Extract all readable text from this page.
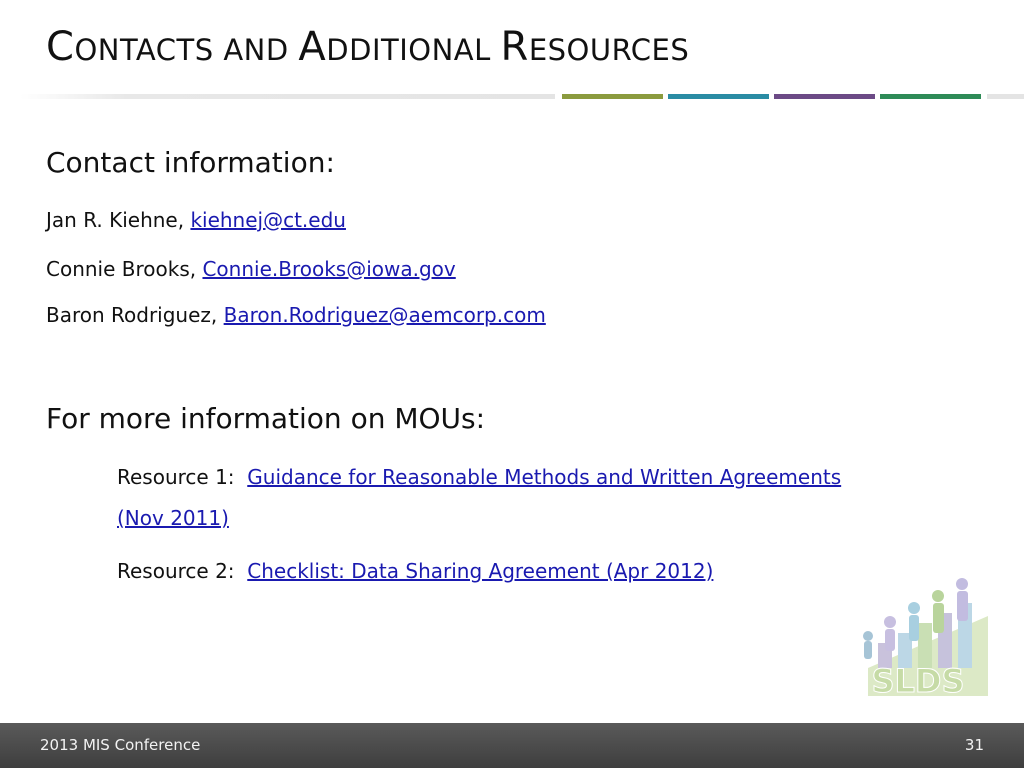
CONTACTS AND ADDITIONAL RESOURCES
Contact information:
Jan R. Kiehne, kiehnej@ct.edu
Connie Brooks, Connie.Brooks@iowa.gov
Baron Rodriguez, Baron.Rodriguez@aemcorp.com
For more information on MOUs:
Resource 1: Guidance for Reasonable Methods and Written Agreements
(Nov 2011)
Resource 2: Checklist: Data Sharing Agreement (Apr 2012)
SLDS
2013 MIS Conference	31
